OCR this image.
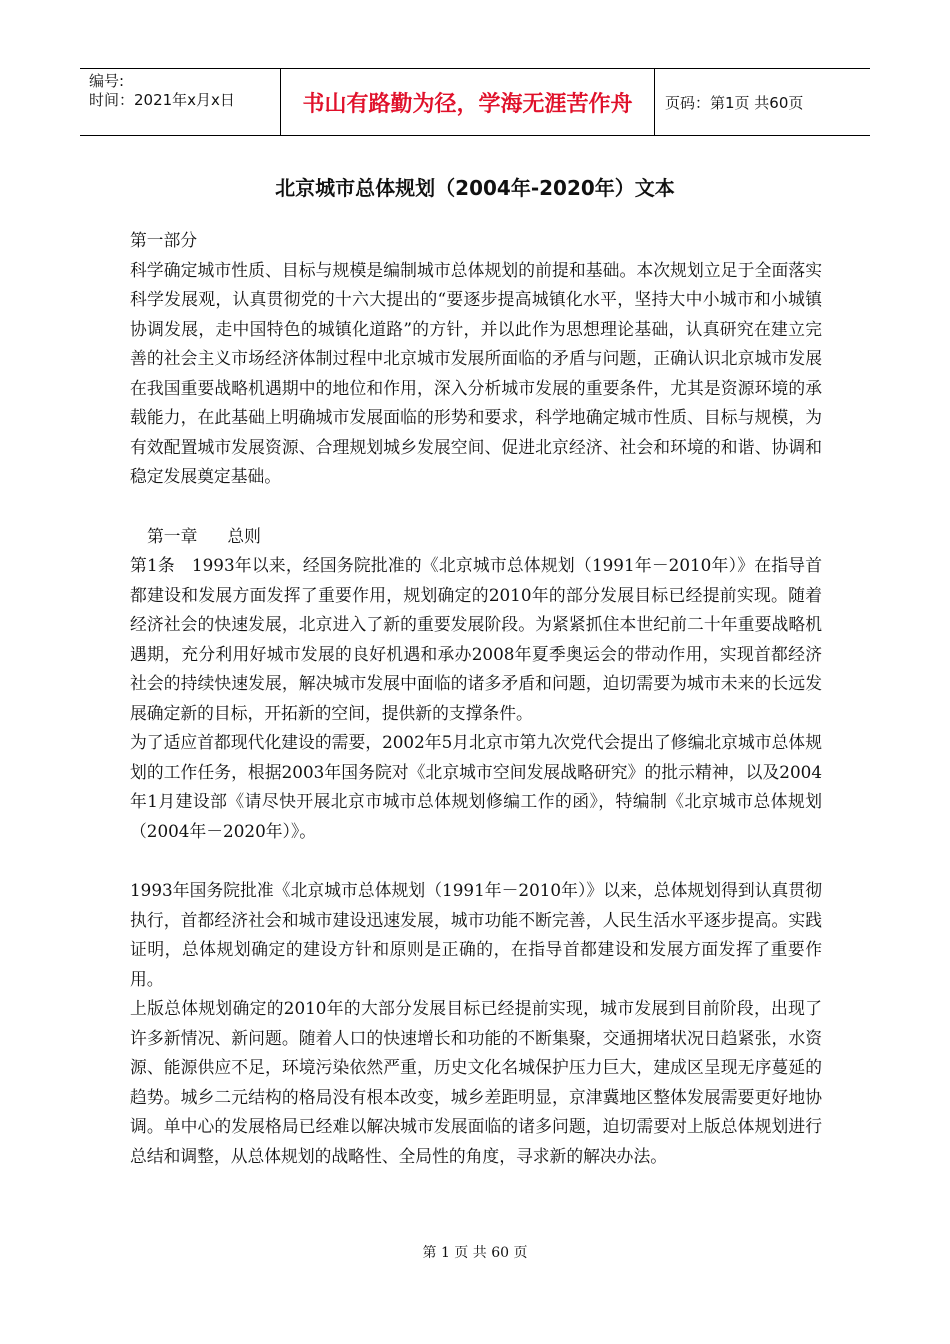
编号:
时间：2021年x月x日	书山有路勤为径，学海无涯苦作舟	页码：第1页 共60页
北京城市总体规划（2004年-2020年）文本

第一部分

科学确定城市性质、目标与规模是编制城市总体规划的前提和基础。本次规划立足于全面落实科学发展观，认真贯彻党的十六大提出的“要逐步提高城镇化水平，坚持大中小城市和小城镇协调发展，走中国特色的城镇化道路”的方针，并以此作为思想理论基础，认真研究在建立完善的社会主义市场经济体制过程中北京城市发展所面临的矛盾与问题，正确认识北京城市发展在我国重要战略机遇期中的地位和作用，深入分析城市发展的重要条件，尤其是资源环境的承载能力，在此基础上明确城市发展面临的形势和要求，科学地确定城市性质、目标与规模，为有效配置城市发展资源、合理规划城乡发展空间、促进北京经济、社会和环境的和谐、协调和稳定发展奠定基础。

第一章 总则

第1条　1993年以来，经国务院批准的《北京城市总体规划（1991年－2010年）》在指导首都建设和发展方面发挥了重要作用，规划确定的2010年的部分发展目标已经提前实现。随着经济社会的快速发展，北京进入了新的重要发展阶段。为紧紧抓住本世纪前二十年重要战略机遇期，充分利用好城市发展的良好机遇和承办2008年夏季奥运会的带动作用，实现首都经济社会的持续快速发展，解决城市发展中面临的诸多矛盾和问题，迫切需要为城市未来的长远发展确定新的目标，开拓新的空间，提供新的支撑条件。

为了适应首都现代化建设的需要，2002年5月北京市第九次党代会提出了修编北京城市总体规划的工作任务，根据2003年国务院对《北京城市空间发展战略研究》的批示精神，以及2004年1月建设部《请尽快开展北京市城市总体规划修编工作的函》，特编制《北京城市总体规划（2004年－2020年）》。

1993年国务院批准《北京城市总体规划（1991年－2010年）》以来，总体规划得到认真贯彻执行，首都经济社会和城市建设迅速发展，城市功能不断完善，人民生活水平逐步提高。实践证明，总体规划确定的建设方针和原则是正确的，在指导首都建设和发展方面发挥了重要作用。

上版总体规划确定的2010年的大部分发展目标已经提前实现，城市发展到目前阶段，出现了许多新情况、新问题。随着人口的快速增长和功能的不断集聚，交通拥堵状况日趋紧张，水资源、能源供应不足，环境污染依然严重，历史文化名城保护压力巨大，建成区呈现无序蔓延的趋势。城乡二元结构的格局没有根本改变，城乡差距明显，京津冀地区整体发展需要更好地协调。单中心的发展格局已经难以解决城市发展面临的诸多问题，迫切需要对上版总体规划进行总结和调整，从总体规划的战略性、全局性的角度，寻求新的解决办法。

第 1 页 共 60 页
